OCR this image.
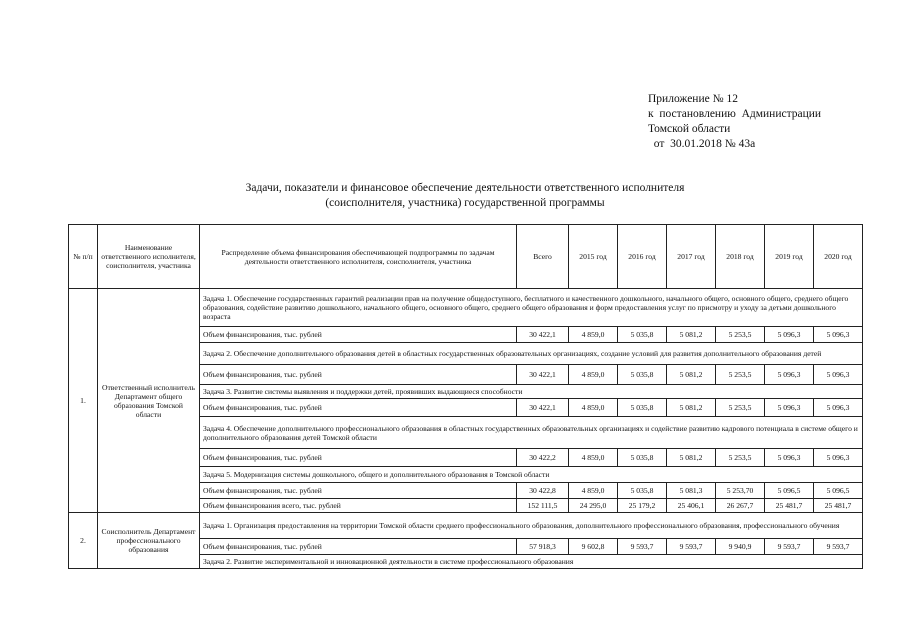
Приложение № 12
к  постановлению  Администрации
Томской области
от  30.01.2018 № 43а
Задачи, показатели и финансовое обеспечение деятельности ответственного исполнителя
(соисполнителя, участника) государственной программы
№ п/п	Наименование ответственного исполнителя, соисполнителя, участника	Распределение объема финансирования обеспечивающей подпрограммы по задачам деятельности ответственного исполнителя, соисполнителя, участника	Всего	2015 год	2016 год	2017 год	2018 год	2019 год	2020 год
1.	Ответственный исполнитель Департамент общего образования Томской области	Задача 1. Обеспечение государственных гарантий реализации прав на получение общедоступного, бесплатного и качественного дошкольного, начального общего, основного общего, среднего общего образования, содействие развитию дошкольного, начального общего, основного общего, среднего общего образования и форм предоставления услуг по присмотру и уходу за детьми дошкольного возраста							
		Объем финансирования, тыс. рублей	30 422,1	4 859,0	5 035,8	5 081,2	5 253,5	5 096,3	5 096,3
		Задача 2. Обеспечение дополнительного образования детей в областных государственных образовательных организациях, создание условий для развития дополнительного образования детей							
		Объем финансирования, тыс. рублей	30 422,1	4 859,0	5 035,8	5 081,2	5 253,5	5 096,3	5 096,3
		Задача 3. Развитие системы выявления и поддержки детей, проявивших выдающиеся способности							
		Объем финансирования, тыс. рублей	30 422,1	4 859,0	5 035,8	5 081,2	5 253,5	5 096,3	5 096,3
		Задача 4. Обеспечение дополнительного профессионального образования в областных государственных образовательных организациях и содействие развитию кадрового потенциала в системе общего и дополнительного образования детей Томской области							
		Объем финансирования, тыс. рублей	30 422,2	4 859,0	5 035,8	5 081,2	5 253,5	5 096,3	5 096,3
		Задача 5. Модернизация системы дошкольного, общего и дополнительного образования в Томской области							
		Объем финансирования, тыс. рублей	30 422,8	4 859,0	5 035,8	5 081,3	5 253,70	5 096,5	5 096,5
		Объем финансирования всего, тыс. рублей	152 111,5	24 295,0	25 179,2	25 406,1	26 267,7	25 481,7	25 481,7
2.	Соисполнитель Департамент профессионального образования	Задача 1. Организация предоставления на территории Томской области среднего профессионального образования, дополнительного профессионального образования, профессионального обучения							
		Объем финансирования, тыс. рублей	57 918,3	9 602,8	9 593,7	9 593,7	9 940,9	9 593,7	9 593,7
		Задача 2. Развитие экспериментальной и инновационной деятельности в системе профессионального образования							
